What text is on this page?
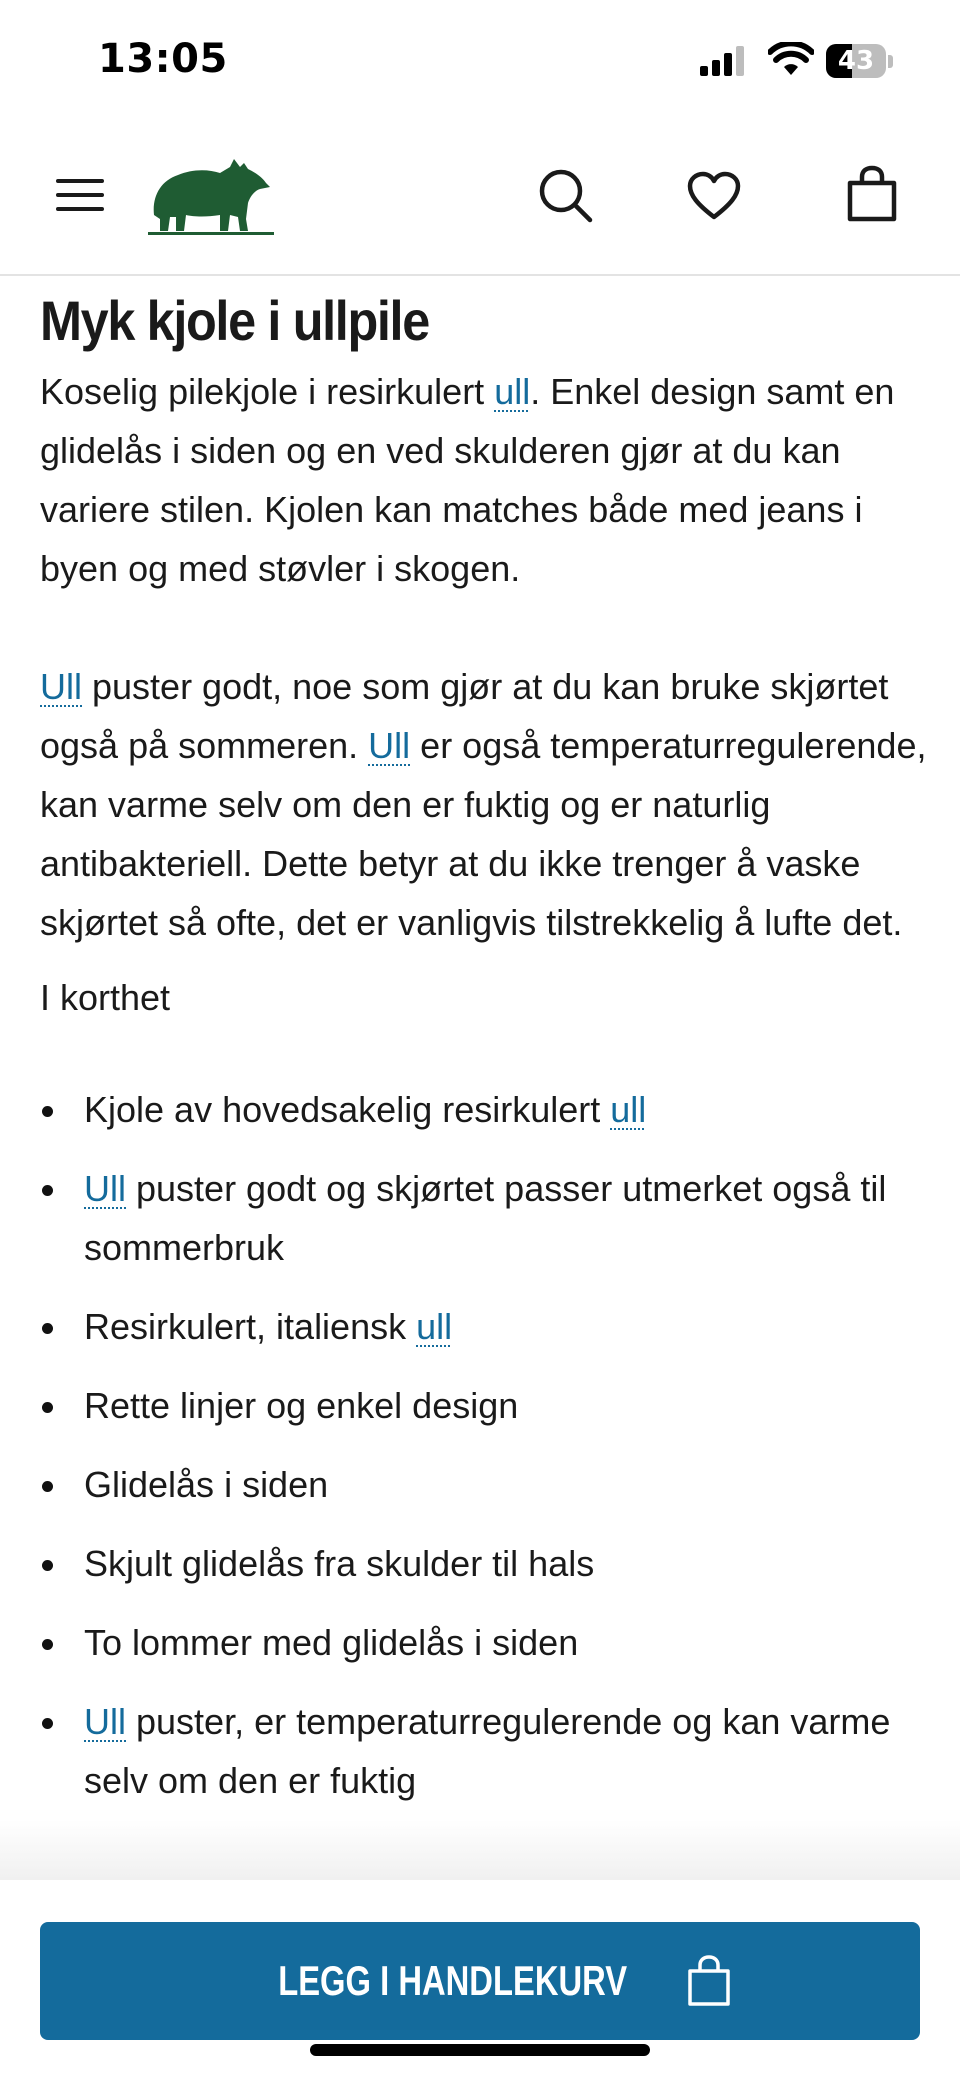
13:05	43
Myk kjole i ullpile

Koselig pilekjole i resirkulert ull. Enkel design samt en glidelås i siden og en ved skulderen gjør at du kan variere stilen. Kjolen kan matches både med jeans i byen og med støvler i skogen.

Ull puster godt, noe som gjør at du kan bruke skjørtet også på sommeren. Ull er også temperaturregulerende, kan varme selv om den er fuktig og er naturlig antibakteriell. Dette betyr at du ikke trenger å vaske skjørtet så ofte, det er vanligvis tilstrekkelig å lufte det.

I korthet

Kjole av hovedsakelig resirkulert ull
Ull puster godt og skjørtet passer utmerket også til sommerbruk
Resirkulert, italiensk ull
Rette linjer og enkel design
Glidelås i siden
Skjult glidelås fra skulder til hals
To lommer med glidelås i siden
Ull puster, er temperaturregulerende og kan varme selv om den er fuktig
LEGG I HANDLEKURV
